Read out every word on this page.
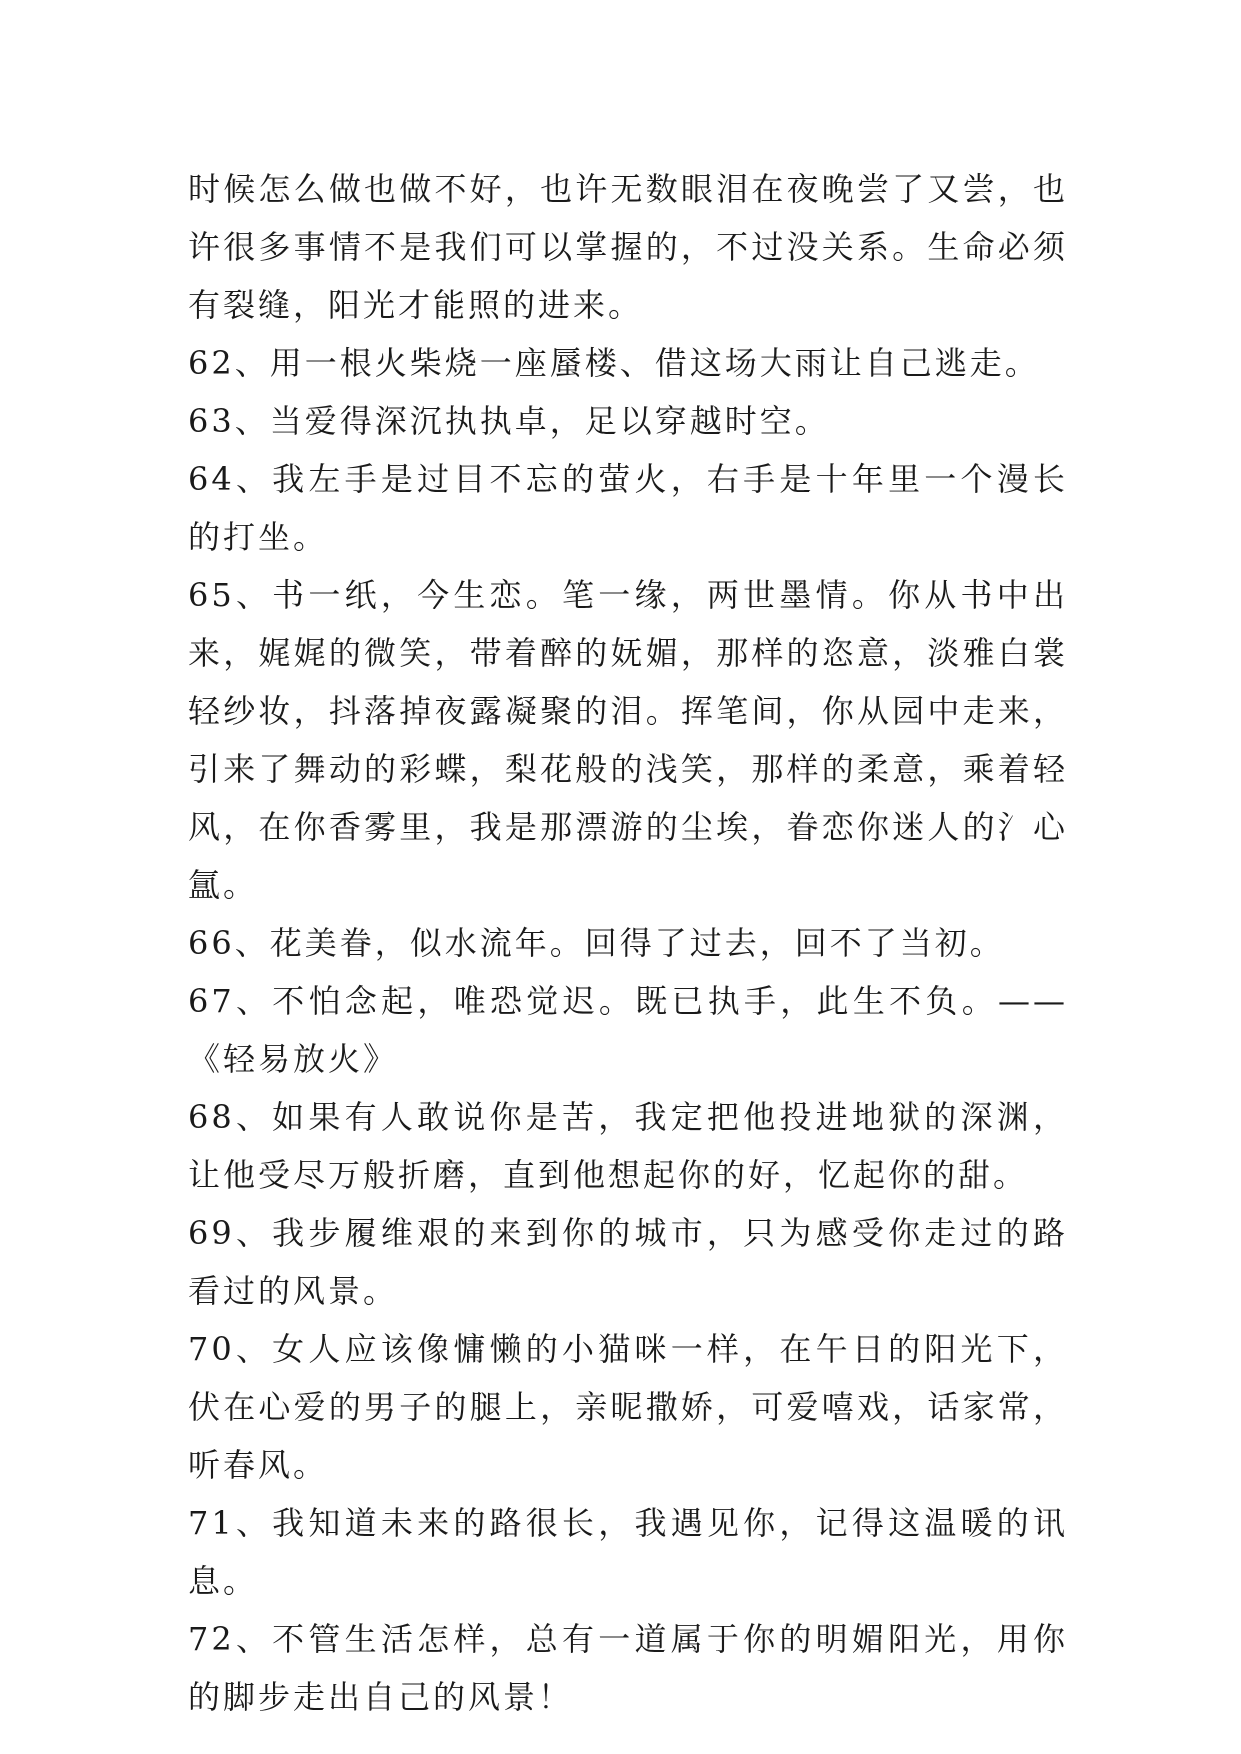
时候怎么做也做不好，也许无数眼泪在夜晚尝了又尝，也许很多事情不是我们可以掌握的，不过没关系。生命必须有裂缝，阳光才能照的进来。

62、用一根火柴烧一座蜃楼、借这场大雨让自己逃走。

63、当爱得深沉执执卓，足以穿越时空。

64、我左手是过目不忘的萤火，右手是十年里一个漫长的打坐。

65、书一纸，今生恋。笔一缘，两世墨情。你从书中出来，娓娓的微笑，带着醉的妩媚，那样的恣意，淡雅白裳轻纱妆，抖落掉夜露凝聚的泪。挥笔间，你从园中走来，引来了舞动的彩蝶，梨花般的浅笑，那样的柔意，乘着轻风，在你香雾里，我是那漂游的尘埃，眷恋你迷人的氵心氲。

66、花美眷，似水流年。回得了过去，回不了当初。

67、不怕念起，唯恐觉迟。既已执手，此生不负。——《轻易放火》

68、如果有人敢说你是苦，我定把他投进地狱的深渊，让他受尽万般折磨，直到他想起你的好，忆起你的甜。

69、我步履维艰的来到你的城市，只为感受你走过的路看过的风景。

70、女人应该像慵懒的小猫咪一样，在午日的阳光下，伏在心爱的男子的腿上，亲昵撒娇，可爱嘻戏，话家常，听春风。

71、我知道未来的路很长，我遇见你，记得这温暖的讯息。

72、不管生活怎样，总有一道属于你的明媚阳光，用你的脚步走出自己的风景！
